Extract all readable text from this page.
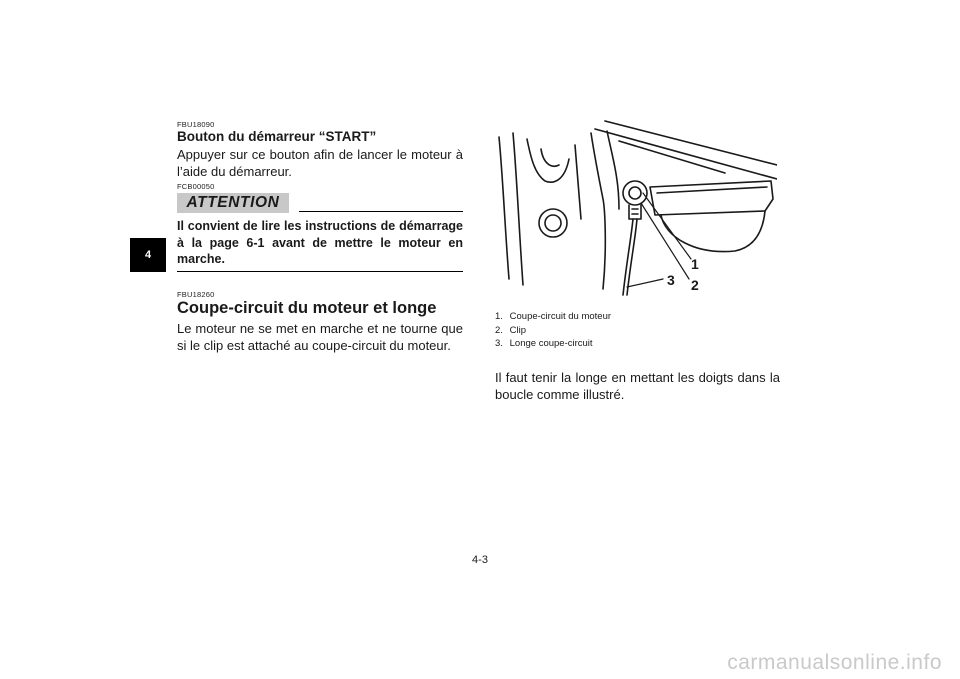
4
FBU18090
Bouton du démarreur “START”

Appuyer sur ce bouton afin de lancer le moteur à l’aide du démarreur.

FCB00050
ATTENTION

Il convient de lire les instructions de démarrage à la page 6-1 avant de mettre le moteur en marche.

FBU18260
Coupe-circuit du moteur et longe

Le moteur ne se met en marche et ne tourne que si le clip est attaché au coupe-circuit du moteur.

1
2
3
1. Coupe-circuit du moteur
2. Clip
3. Longe coupe-circuit

Il faut tenir la longe en mettant les doigts dans la boucle comme illustré.

4-3
carmanualsonline.info
